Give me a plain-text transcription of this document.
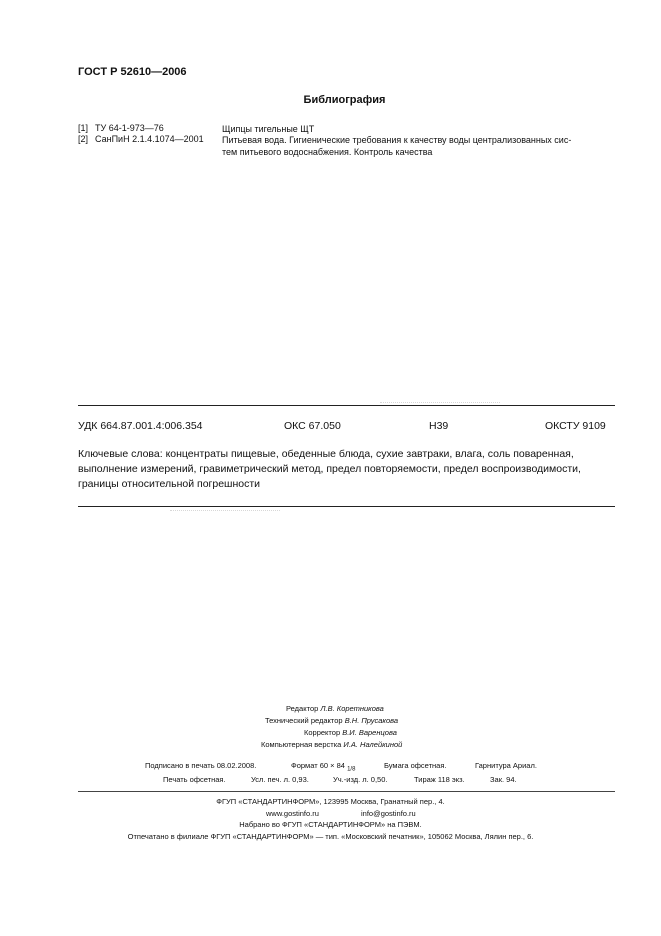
ГОСТ Р 52610—2006
Библиография
[1] ТУ 64-1-973—76	Щипцы тигельные ЩТ
[2] СанПиН 2.1.4.1074—2001 Питьевая вода. Гигиенические требования к качеству воды централизованных сис-
тем питьевого водоснабжения. Контроль качества
УДК 664.87.001.4:006.354	ОКС 67.050	Н39	ОКСТУ 9109
Ключевые слова: концентраты пищевые, обеденные блюда, сухие завтраки, влага, соль поваренная, выполнение измерений, гравиметрический метод, предел повторяемости, предел воспроизводимости, границы относительной погрешности
Редактор Л.В. Коретникова
Технический редактор В.Н. Прусакова
Корректор В.И. Варенцова
Компьютерная верстка И.А. Налейкиной
Подписано в печать 08.02.2008.	Формат 60 × 84 $_{1/8}$	Бумага офсетная.	Гарнитура Ариал.
Печать офсетная.	Усл. печ. л. 0,93.	Уч.-изд. л. 0,50.	Тираж 118 экз.	Зак. 94.
ФГУП «СТАНДАРТИНФОРМ», 123995 Москва, Гранатный пер., 4.
www.gostinfo.ru	info@gostinfo.ru
Набрано во ФГУП «СТАНДАРТИНФОРМ» на ПЭВМ.
Отпечатано в филиале ФГУП «СТАНДАРТИНФОРМ» — тип. «Московский печатник», 105062 Москва, Лялин пер., 6.
